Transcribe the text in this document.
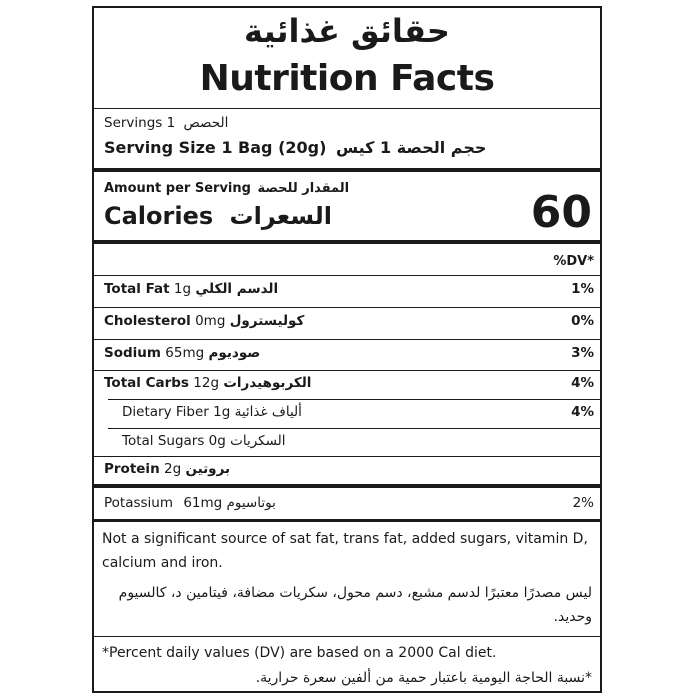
حقائق غذائية
Nutrition Facts
Servings 1 الحصص
Serving Size 1 Bag (20g) حجم الحصة 1 كيس
Amount per Serving المقدار للحصة
Calories السعرات	60
%DV*
Total Fat 1g الدسم الكلي	1%
Cholesterol 0mg كوليسترول	0%
Sodium 65mg صوديوم	3%
Total Carbs 12g الكربوهيدرات	4%
Dietary Fiber 1g ألياف غذائية	4%
Total Sugars 0g السكريات
Protein 2g بروتين
Potassium 61mg بوتاسيوم	2%
Not a significant source of sat fat, trans fat, added sugars, vitamin D, calcium and iron.
ليس مصدرًا معتبرًا لدسم مشبع، دسم محول، سكريات مضافة، فيتامين د، كالسيوم وحديد.
*Percent daily values (DV) are based on a 2000 Cal diet.
*نسبة الحاجة اليومية باعتبار حمية من ألفين سعرة حرارية.
